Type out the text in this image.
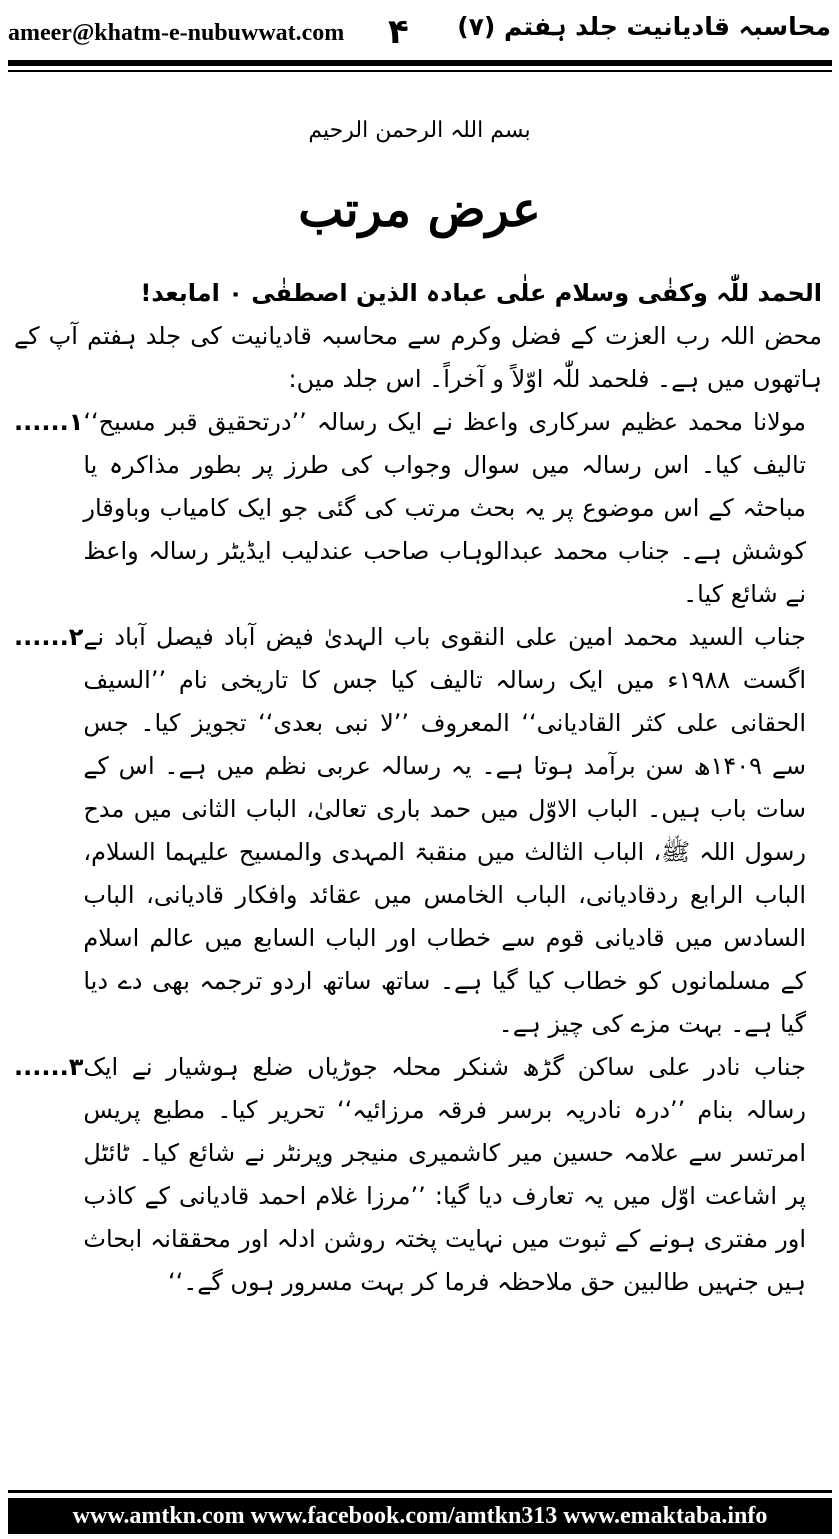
ameer@khatm-e-nubuwwat.com ۴ محاسبہ قادیانیت جلد ہفتم (۷)
بسم اللہ الرحمن الرحیم
عرض مرتب

الحمد للّٰہ وکفٰی وسلام علٰی عبادہ الذین اصطفٰی ۰ امابعد!

محض اللہ رب العزت کے فضل وکرم سے محاسبہ قادیانیت کی جلد ہفتم آپ کے ہاتھوں میں ہے۔ فلحمد للّٰہ اوّلاً و آخراً۔ اس جلد میں:

مولانا محمد عظیم سرکاری واعظ نے ایک رسالہ ’’درتحقیق قبر مسیح‘‘ تالیف کیا۔ اس رسالہ میں سوال وجواب کی طرز پر بطور مذاکرہ یا مباحثہ کے اس موضوع پر یہ بحث مرتب کی گئی جو ایک کامیاب وباوقار کوشش ہے۔ جناب محمد عبدالوہاب صاحب عندلیب ایڈیٹر رسالہ واعظ نے شائع کیا۔
۱......
جناب السید محمد امین علی النقوی باب الہدیٰ فیض آباد فیصل آباد نے اگست ۱۹۸۸ء میں ایک رسالہ تالیف کیا جس کا تاریخی نام ’’السیف الحقانی علی کثر القادیانی‘‘ المعروف ’’لا نبی بعدی‘‘ تجویز کیا۔ جس سے ۱۴۰۹ھ سن برآمد ہوتا ہے۔ یہ رسالہ عربی نظم میں ہے۔ اس کے سات باب ہیں۔ الباب الاوّل میں حمد باری تعالیٰ، الباب الثانی میں مدح رسول اللہ ﷺ، الباب الثالث میں منقبۃ المہدی والمسیح علیہما السلام، الباب الرابع ردقادیانی، الباب الخامس میں عقائد وافکار قادیانی، الباب السادس میں قادیانی قوم سے خطاب اور الباب السابع میں عالم اسلام کے مسلمانوں کو خطاب کیا گیا ہے۔ ساتھ ساتھ اردو ترجمہ بھی دے دیا گیا ہے۔ بہت مزے کی چیز ہے۔
۲......
جناب نادر علی ساکن گڑھ شنکر محلہ جوڑیاں ضلع ہوشیار نے ایک رسالہ بنام ’’درہ نادریہ برسر فرقہ مرزائیہ‘‘ تحریر کیا۔ مطبع پریس امرتسر سے علامہ حسین میر کاشمیری منیجر وپرنٹر نے شائع کیا۔ ٹائٹل پر اشاعت اوّل میں یہ تعارف دیا گیا: ’’مرزا غلام احمد قادیانی کے کاذب اور مفتری ہونے کے ثبوت میں نہایت پختہ روشن ادلہ اور محققانہ ابحاث ہیں جنہیں طالبین حق ملاحظہ فرما کر بہت مسرور ہوں گے۔‘‘
۳......
www.amtkn.com www.facebook.com/amtkn313 www.emaktaba.info
